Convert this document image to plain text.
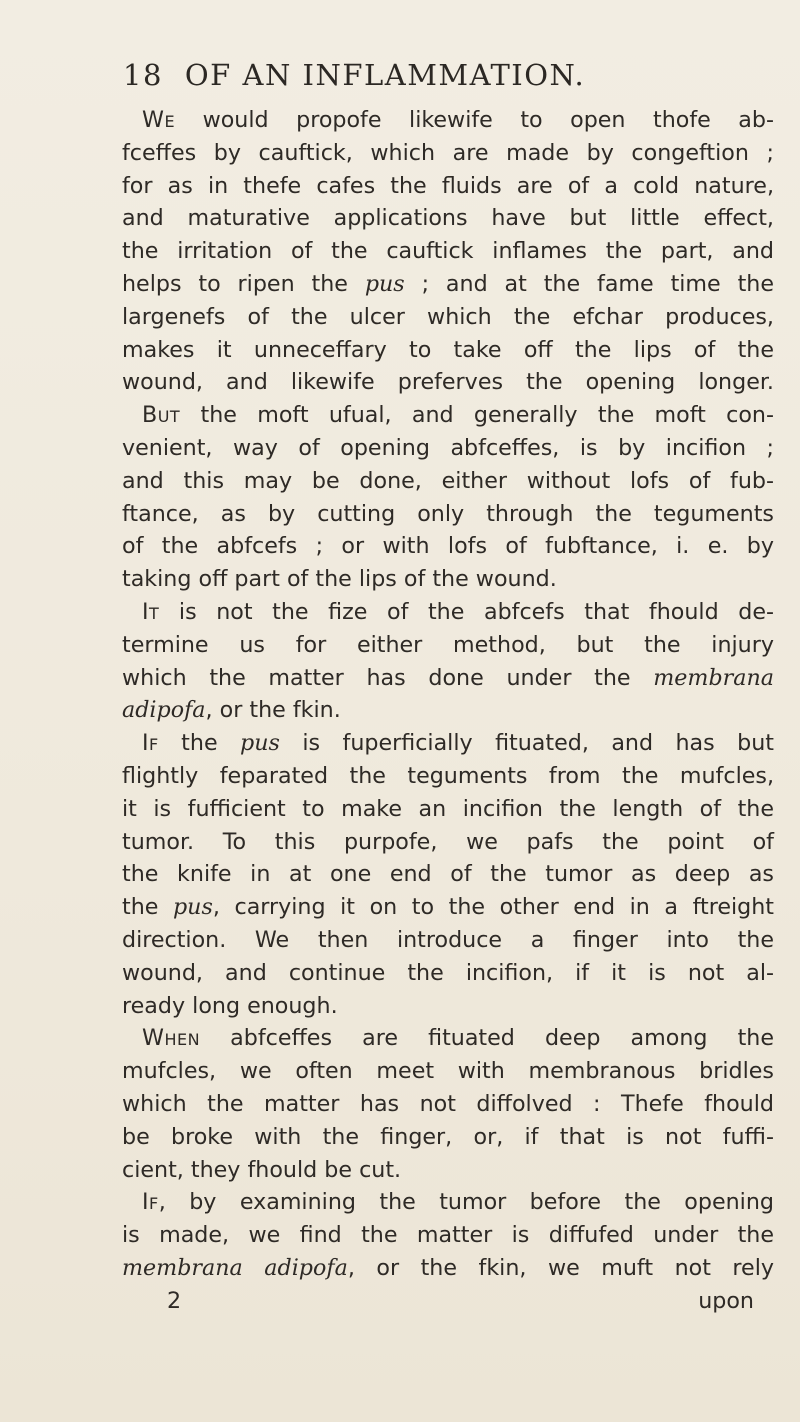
18 OF AN INFLAMMATION.
We would propofe likewife to open thofe ab-
fceffes by cauftick, which are made by congeftion ;
for as in thefe cafes the fluids are of a cold nature,
and maturative applications have but little effect,
the irritation of the cauftick inflames the part, and
helps to ripen the pus ; and at the fame time the
largenefs of the ulcer which the efchar produces,
makes it unneceffary to take off the lips of the
wound, and likewife preferves the opening longer.
But the moft ufual, and generally the moft con-
venient, way of opening abfceffes, is by incifion ;
and this may be done, either without lofs of fub-
ftance, as by cutting only through the teguments
of the abfcefs ; or with lofs of fubftance, i. e. by
taking off part of the lips of the wound.
It is not the fize of the abfcefs that fhould de-
termine us for either method, but the injury
which the matter has done under the membrana
adipofa, or the fkin.
If the pus is fuperficially fituated, and has but
flightly feparated the teguments from the mufcles,
it is fufficient to make an incifion the length of the
tumor. To this purpofe, we pafs the point of
the knife in at one end of the tumor as deep as
the pus, carrying it on to the other end in a ftreight
direction. We then introduce a finger into the
wound, and continue the incifion, if it is not al-
ready long enough.
When abfceffes are fituated deep among the
mufcles, we often meet with membranous bridles
which the matter has not diffolved : Thefe fhould
be broke with the finger, or, if that is not fuffi-
cient, they fhould be cut.
If, by examining the tumor before the opening
is made, we find the matter is diffufed under the
membrana adipofa, or the fkin, we muft not rely
2	upon
